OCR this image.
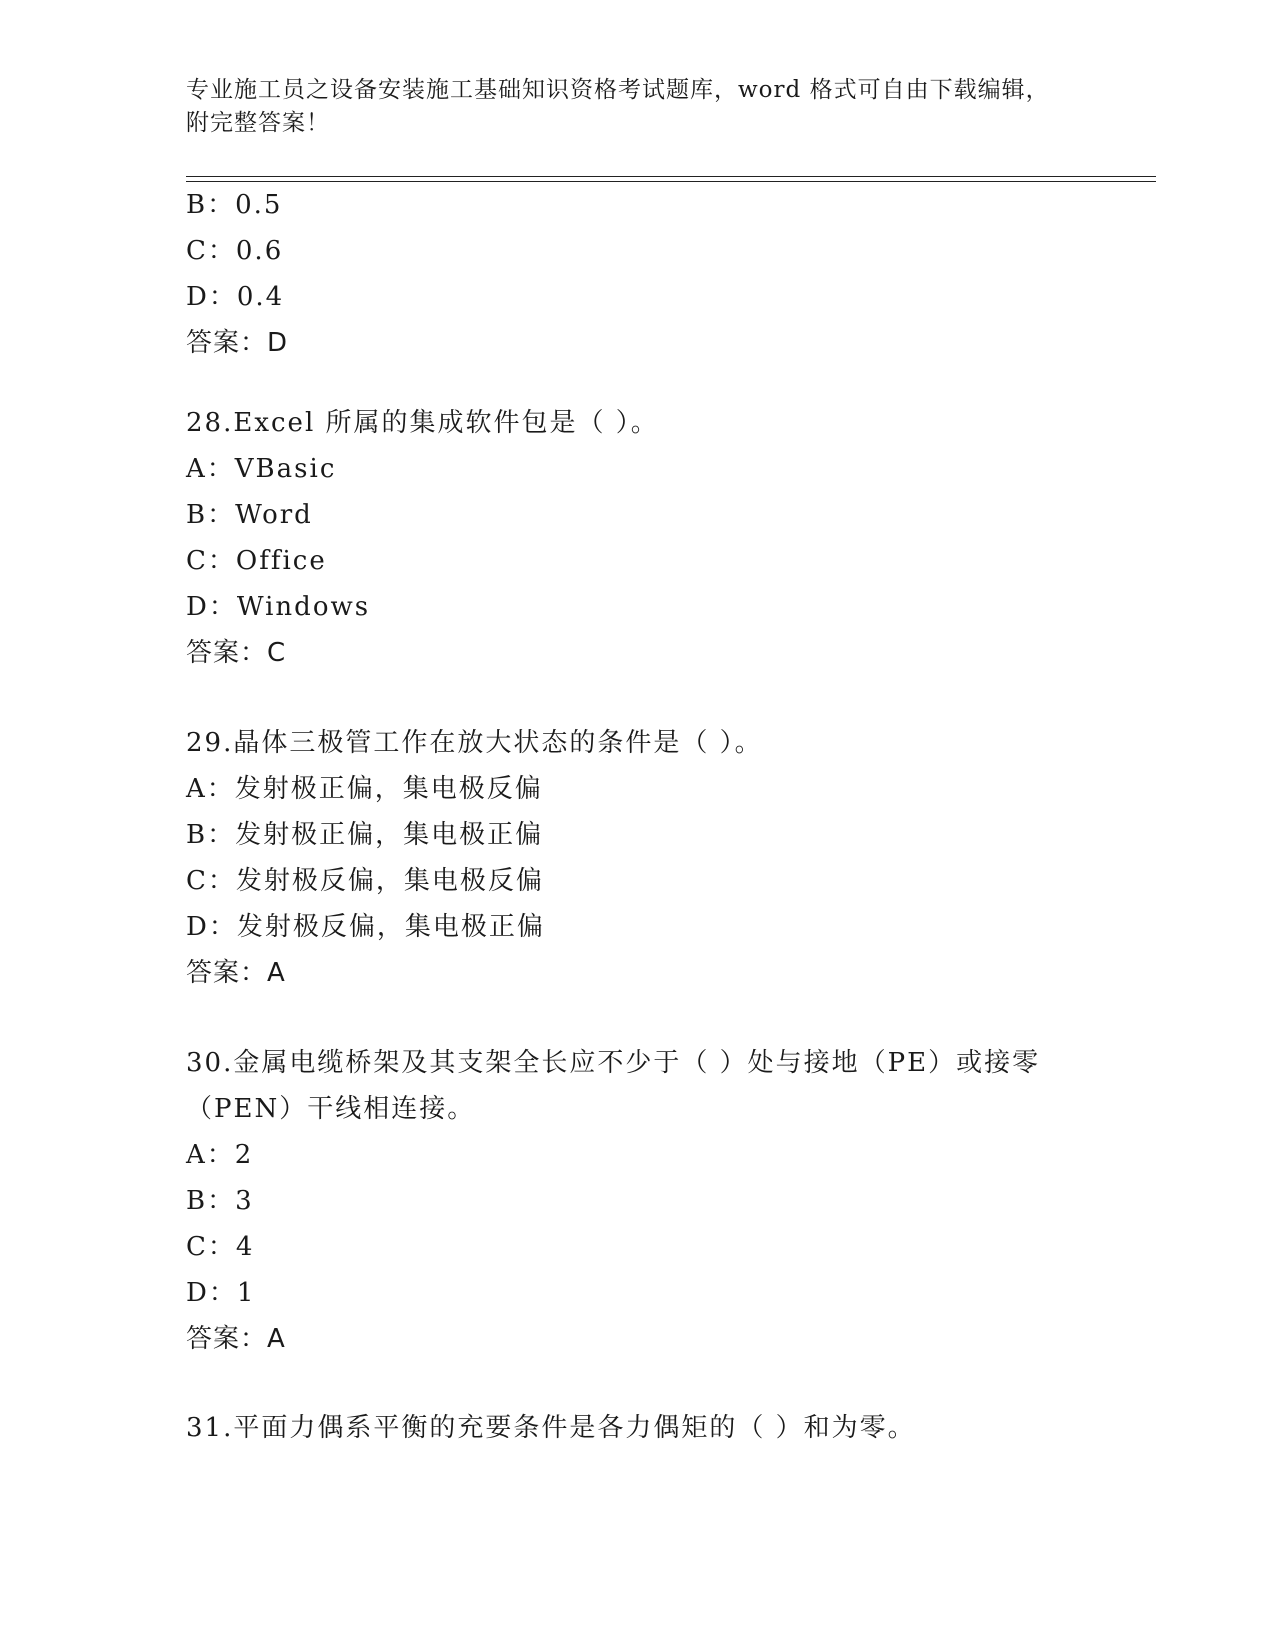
专业施工员之设备安装施工基础知识资格考试题库，word 格式可自由下载编辑，
附完整答案！
B：0.5
C：0.6
D：0.4
答案：D
28.Excel 所属的集成软件包是（ ）。
A：VBasic
B：Word
C：Office
D：Windows
答案：C
29.晶体三极管工作在放大状态的条件是（ ）。
A：发射极正偏，集电极反偏
B：发射极正偏，集电极正偏
C：发射极反偏，集电极反偏
D：发射极反偏，集电极正偏
答案：A
30.金属电缆桥架及其支架全长应不少于（ ）处与接地（PE）或接零
（PEN）干线相连接。
A：2
B：3
C：4
D：1
答案：A
31.平面力偶系平衡的充要条件是各力偶矩的（ ）和为零。
